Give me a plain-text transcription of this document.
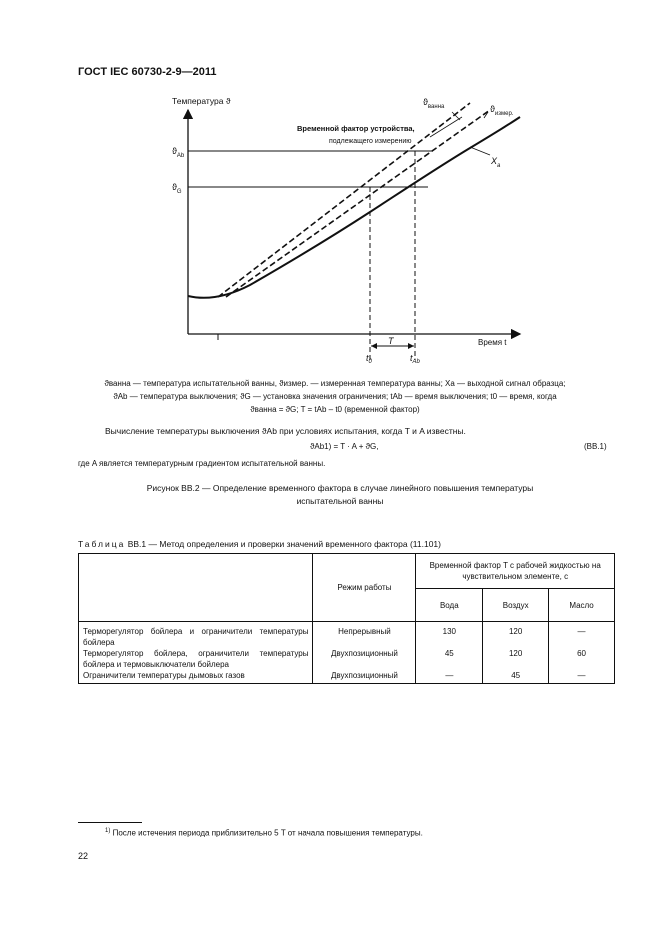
ГОСТ IEC 60730-2-9—2011
Температура ϑ
Время t
$ϑ_{Ab}$
$ϑ_G$
$ϑ_{ванна}$	$ϑ_{измер.}$
$X_a$
Временной фактор устройства,
подлежащего измерению
T
$t_0$	$t_{Ab}$
ϑванна — температура испытательной ванны, ϑизмер. — измеренная температура ванны; Xa — выходной сигнал образца;
ϑAb — температура выключения; ϑG — установка значения ограничения; tAb — время выключения; t0 — время, когда
ϑванна = ϑG; T = tAb – t0 (временной фактор)
Вычисление температуры выключения ϑAb при условиях испытания, когда T и A известны.
ϑAb1) = T · A + ϑG,	(BB.1)
где A является температурным градиентом испытательной ванны.
Рисунок ВВ.2 — Определение временного фактора в случае линейного повышения температуры
испытательной ванны
Таблица ВВ.1 — Метод определения и проверки значений временного фактора (11.101)
	Режим работы	Временной фактор T с рабочей жидкостью на чувствительном элементе, с		
		Вода	Воздух	Масло
Терморегулятор бойлера и ограничители температуры бойлера	Непрерывный	130	120	—
Терморегулятор бойлера, ограничители температуры бойлера и термовыключатели бойлера	Двухпозиционный	45	120	60
Ограничители температуры дымовых газов	Двухпозиционный	—	45	—
$^{1)}$ После истечения периода приблизительно 5 T от начала повышения температуры.
22
